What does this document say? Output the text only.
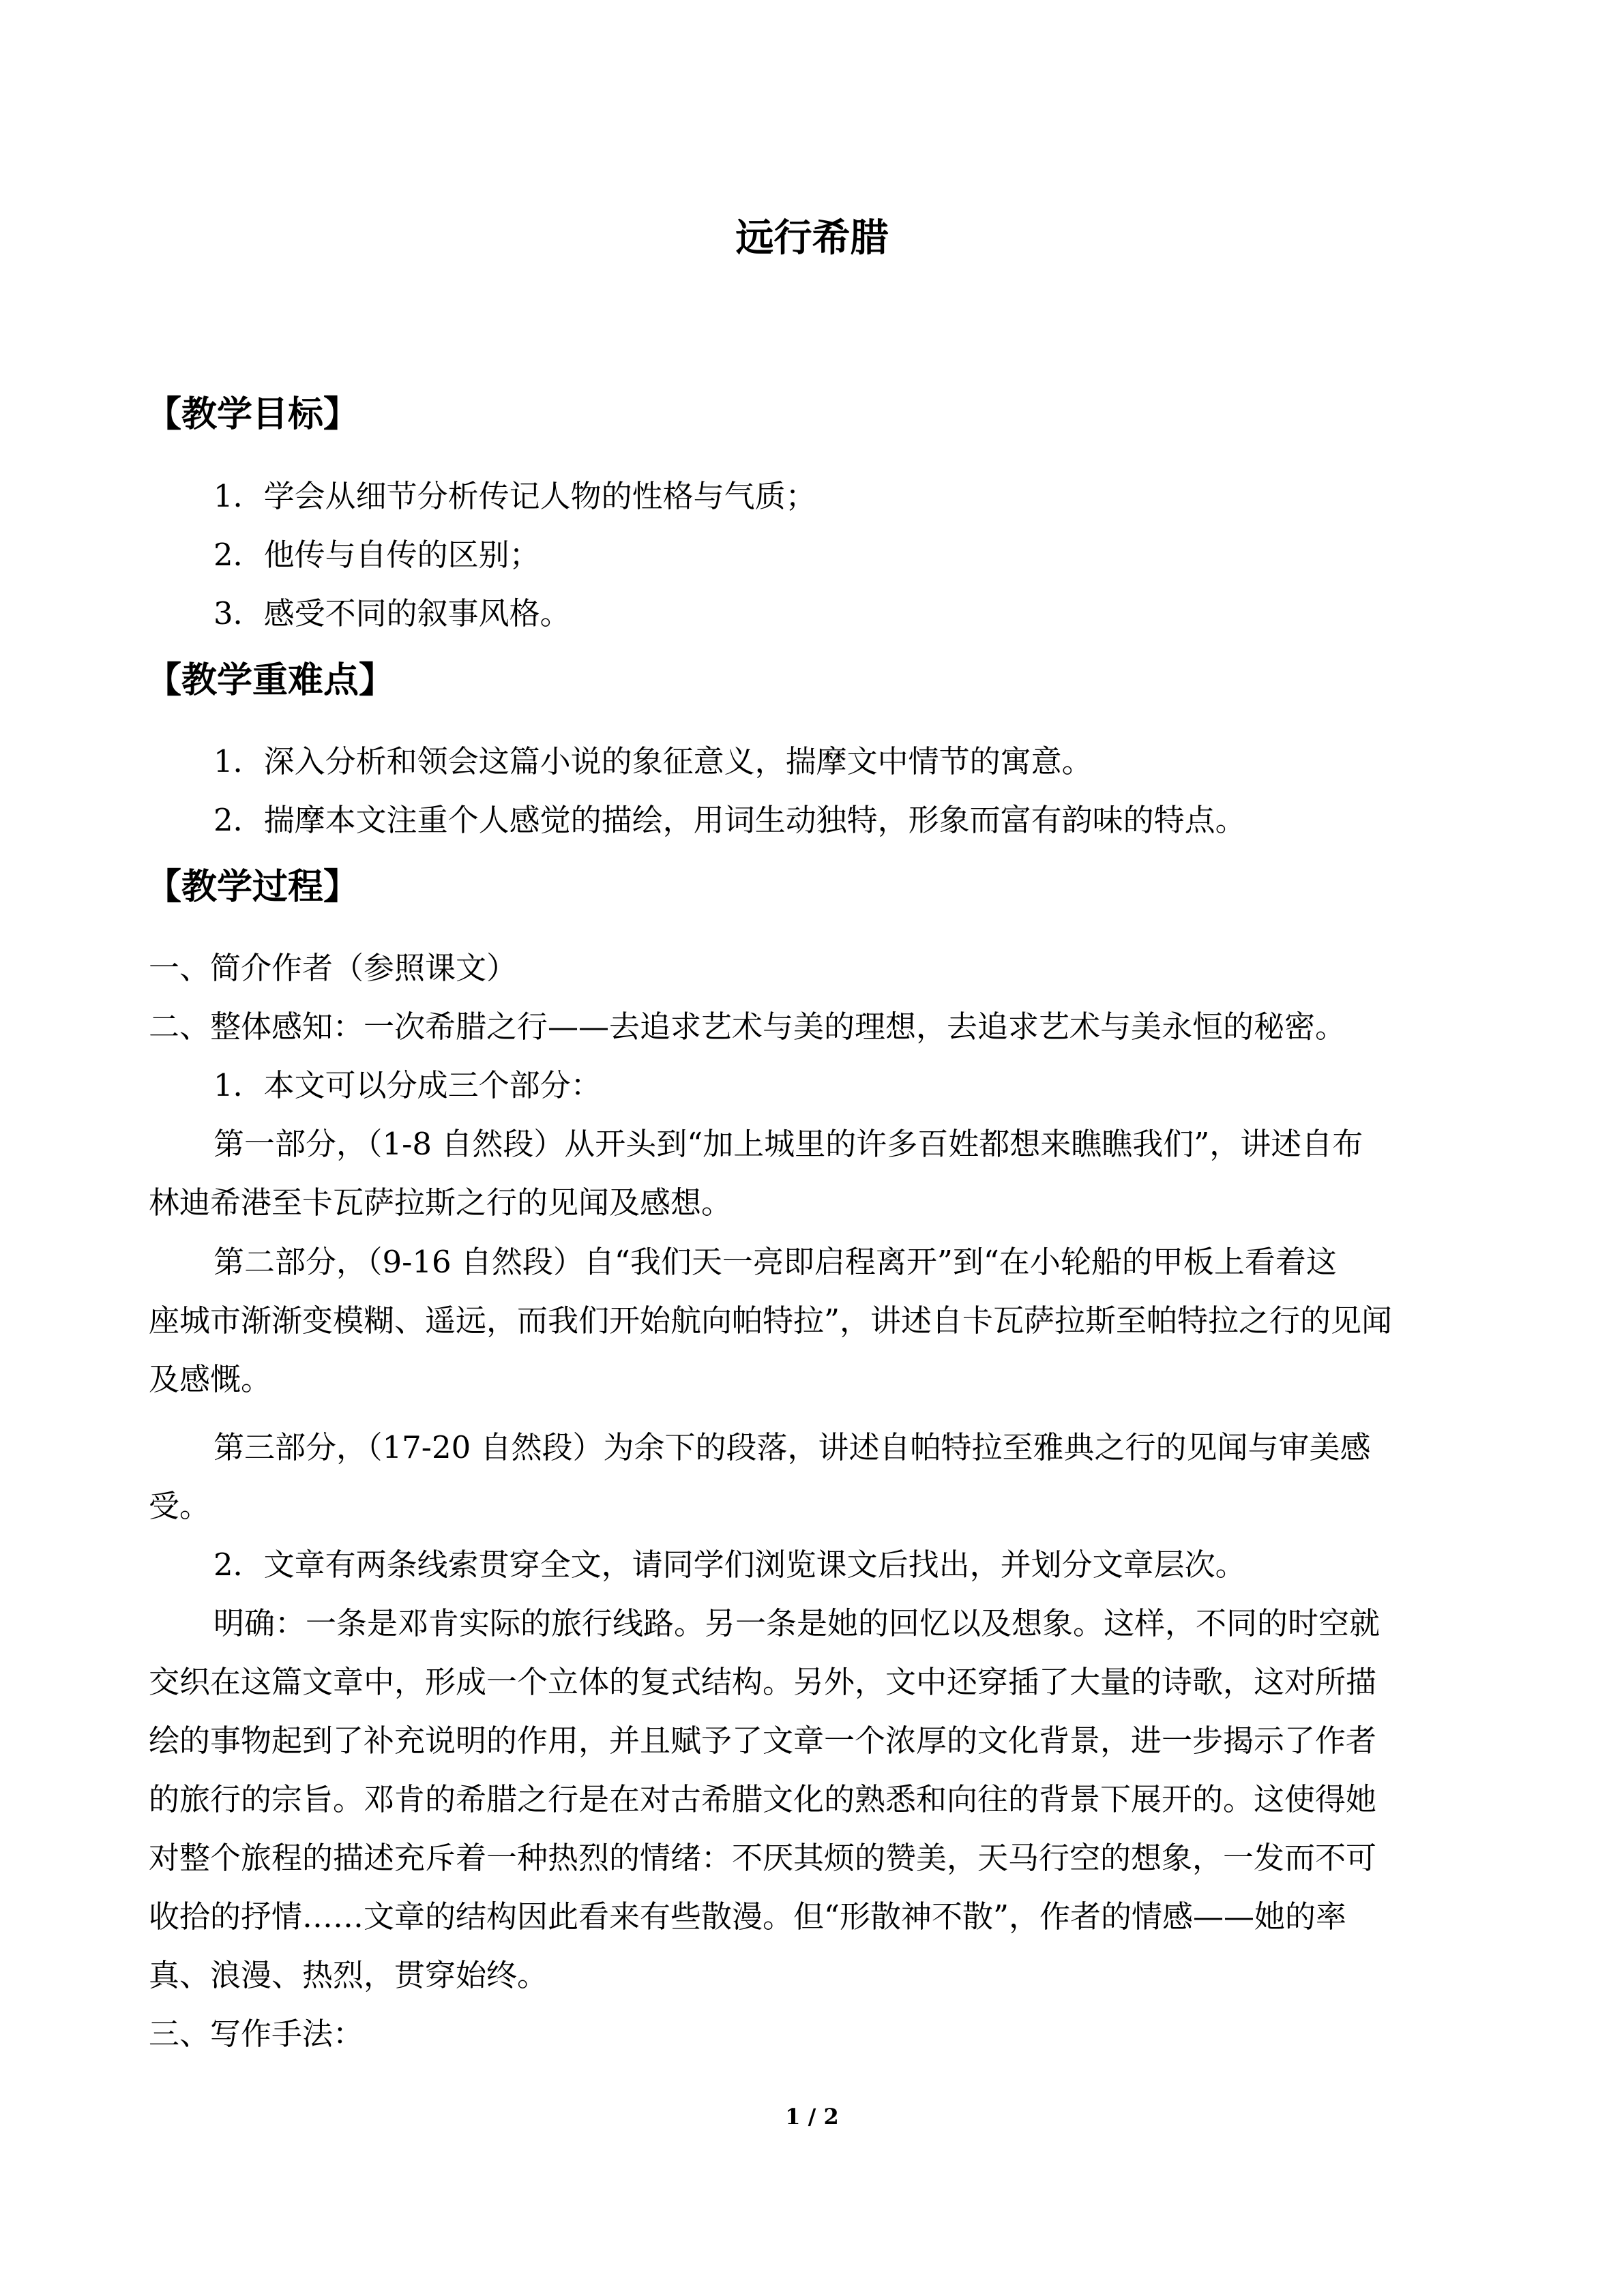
远行希腊
【教学目标】
1．学会从细节分析传记人物的性格与气质；
2．他传与自传的区别；
3．感受不同的叙事风格。
【教学重难点】
1．深入分析和领会这篇小说的象征意义，揣摩文中情节的寓意。
2．揣摩本文注重个人感觉的描绘，用词生动独特，形象而富有韵味的特点。
【教学过程】
一、简介作者（参照课文）
二、整体感知：一次希腊之行——去追求艺术与美的理想，去追求艺术与美永恒的秘密。
1．本文可以分成三个部分：
第一部分，（1-8 自然段）从开头到“加上城里的许多百姓都想来瞧瞧我们”，讲述自布
林迪希港至卡瓦萨拉斯之行的见闻及感想。
第二部分，（9-16 自然段）自“我们天一亮即启程离开”到“在小轮船的甲板上看着这
座城市渐渐变模糊、遥远，而我们开始航向帕特拉”，讲述自卡瓦萨拉斯至帕特拉之行的见闻
及感慨。
第三部分，（17-20 自然段）为余下的段落，讲述自帕特拉至雅典之行的见闻与审美感
受。
2．文章有两条线索贯穿全文，请同学们浏览课文后找出，并划分文章层次。
明确：一条是邓肯实际的旅行线路。另一条是她的回忆以及想象。这样，不同的时空就
交织在这篇文章中，形成一个立体的复式结构。另外，文中还穿插了大量的诗歌，这对所描
绘的事物起到了补充说明的作用，并且赋予了文章一个浓厚的文化背景，进一步揭示了作者
的旅行的宗旨。邓肯的希腊之行是在对古希腊文化的熟悉和向往的背景下展开的。这使得她
对整个旅程的描述充斥着一种热烈的情绪：不厌其烦的赞美，天马行空的想象，一发而不可
收拾的抒情……文章的结构因此看来有些散漫。但“形散神不散”，作者的情感——她的率
真、浪漫、热烈，贯穿始终。
三、写作手法：
1 / 2
